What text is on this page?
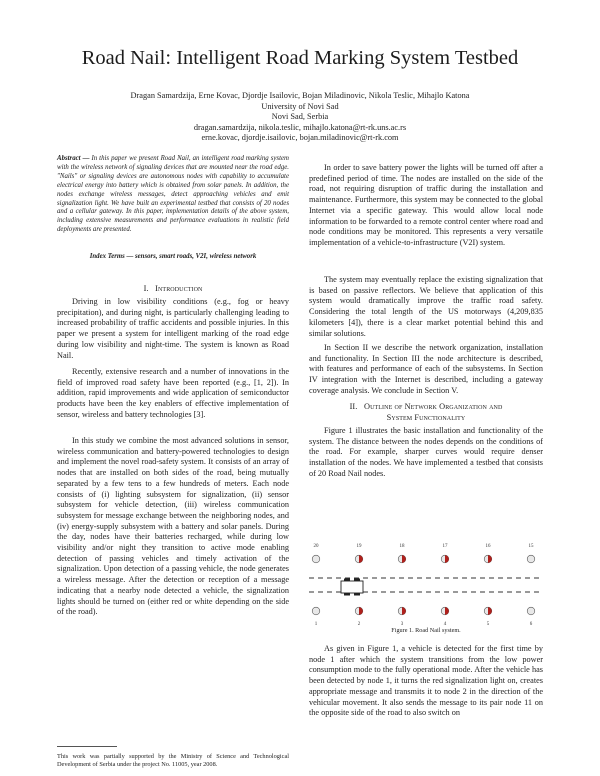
Road Nail: Intelligent Road Marking System Testbed
Dragan Samardzija, Erne Kovac, Djordje Isailovic, Bojan Miladinovic, Nikola Teslic, Mihajlo Katona
University of Novi Sad
Novi Sad, Serbia
dragan.samardzija, nikola.teslic, mihajlo.katona@rt-rk.uns.ac.rs
erne.kovac, djordje.isailovic, bojan.miladinovic@rt-rk.com

Abstract — In this paper we present Road Nail, an intelligent road marking system with the wireless network of signaling devices that are mounted near the road edge. "Nails" or signaling devices are autonomous nodes with capability to accumulate electrical energy into battery which is obtained from solar panels. In addition, the nodes exchange wireless messages, detect approaching vehicles and emit signalization light. We have built an experimental testbed that consists of 20 nodes and a cellular gateway. In this paper, implementation details of the above system, including extensive measurements and performance evaluations in realistic field deployments are presented.

Index Terms — sensors, smart roads, V2I, wireless network

I. Introduction

Driving in low visibility conditions (e.g., fog or heavy precipitation), and during night, is particularly challenging leading to increased probability of traffic accidents and possible injuries. In this paper we present a system for intelligent marking of the road edge during low visibility and night-time. The system is known as Road Nail.

Recently, extensive research and a number of innovations in the field of improved road safety have been reported (e.g., [1, 2]). In addition, rapid improvements and wide application of semiconductor products have been the key enablers of effective implementation of sensor, wireless and battery technologies [3].

In this study we combine the most advanced solutions in sensor, wireless communication and battery-powered technologies to design and implement the novel road-safety system. It consists of an array of nodes that are installed on both sides of the road, being mutually separated by a few tens to a few hundreds of meters. Each node consists of (i) lighting subsystem for signalization, (ii) sensor subsystem for vehicle detection, (iii) wireless communication subsystem for message exchange between the neighboring nodes, and (iv) energy-supply subsystem with a battery and solar panels. During the day, nodes have their batteries recharged, while during low visibility and/or night they transition to active mode enabling detection of passing vehicles and timely activation of the signalization. Upon detection of a passing vehicle, the node generates a wireless message. After the detection or reception of a message indicating that a nearby node detected a vehicle, the signalization lights should be turned on (either red or white depending on the side of the road).

This work was partially supported by the Ministry of Science and Technological Development of Serbia under the project No. 11005, year 2008.

In order to save battery power the lights will be turned off after a predefined period of time. The nodes are installed on the side of the road, not requiring disruption of traffic during the installation and maintenance. Furthermore, this system may be connected to the global Internet via a specific gateway. This would allow local node information to be forwarded to a remote control center where road and node conditions may be monitored. This represents a very versatile implementation of a vehicle-to-infrastructure (V2I) system.

The system may eventually replace the existing signalization that is based on passive reflectors. We believe that application of this system would dramatically improve the traffic road safety. Considering the total length of the US motorways (4,209,835 kilometers [4]), there is a clear market potential behind this and similar solutions.

In Section II we describe the network organization, installation and functionality. In Section III the node architecture is described, with features and performance of each of the subsystems. In Section IV integration with the Internet is described, including a gateway coverage analysis. We conclude in Section V.

II. Outline of Network Organization and
System Functionality

Figure 1 illustrates the basic installation and functionality of the system. The distance between the nodes depends on the conditions of the road. For example, sharper curves would require denser installation of the nodes. We have implemented a testbed that consists of 20 Road Nail nodes.

Figure 1. Road Nail system.

As given in Figure 1, a vehicle is detected for the first time by node 1 after which the system transitions from the low power consumption mode to the fully operational mode. After the vehicle has been detected by node 1, it turns the red signalization light on, creates appropriate message and transmits it to node 2 in the direction of the vehicular movement. It also sends the message to its pair node 11 on the opposite side of the road to also switch on

20	19	18	17	16	15
1	2	3	4	5	6
